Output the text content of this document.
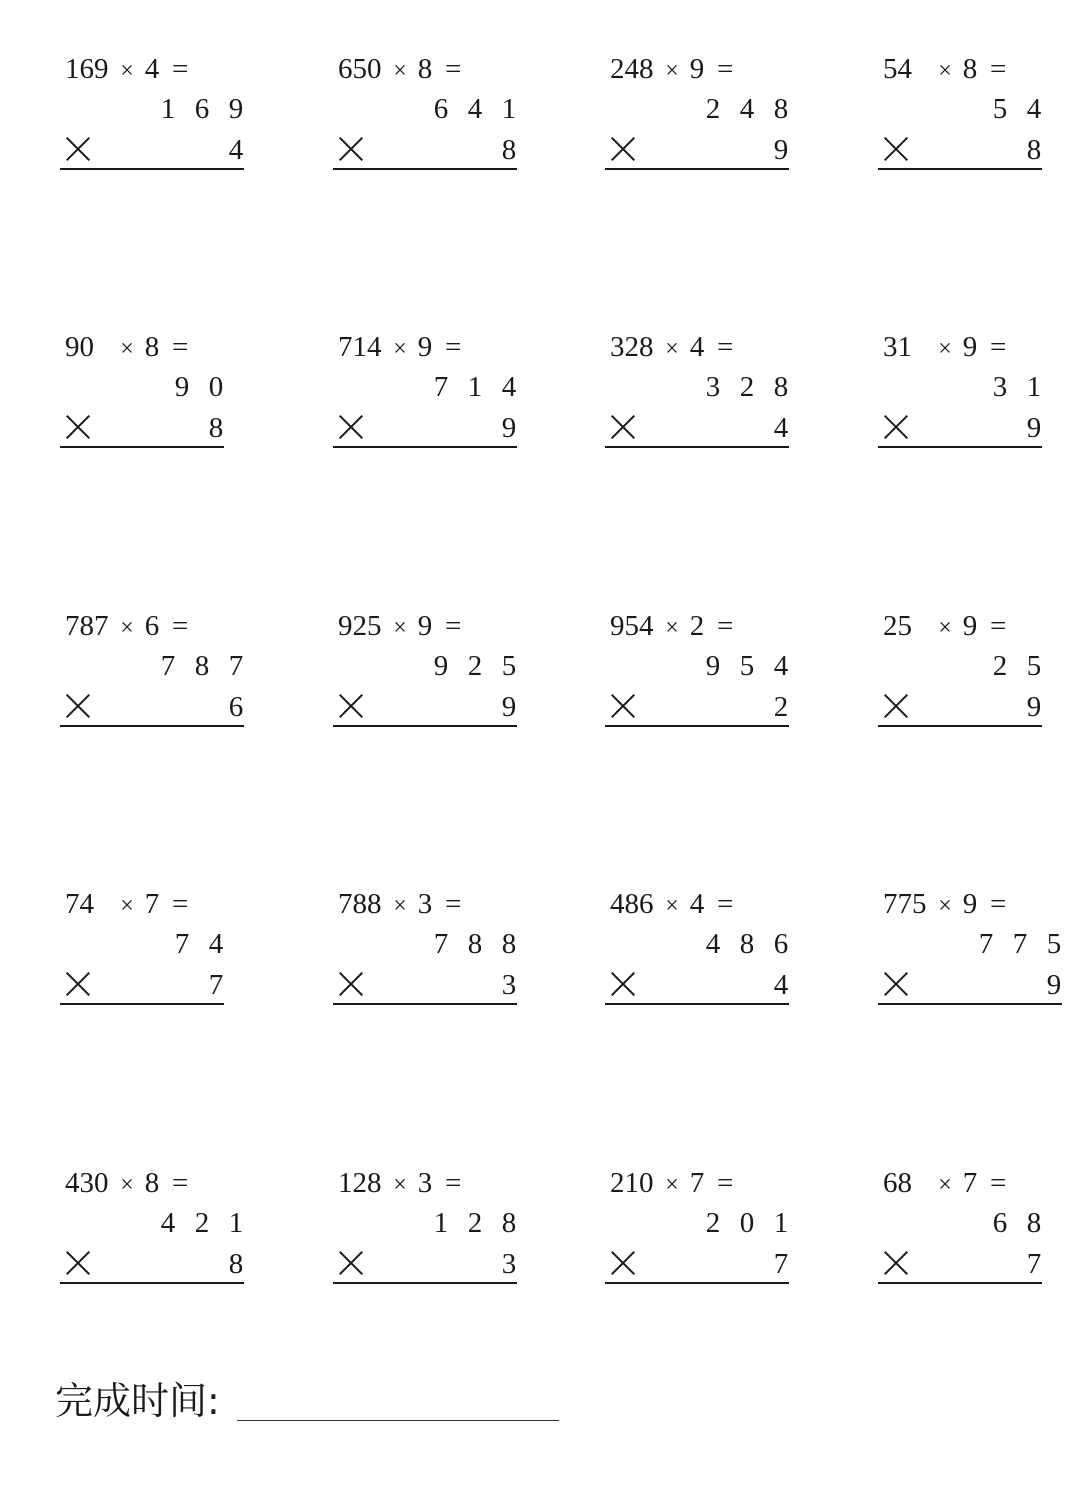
169 × 4 =
1 6 9
4
650 × 8 =
6 4 1
8
248 × 9 =
2 4 8
9
54 × 8 =
5 4
8
90 × 8 =
9 0
8
714 × 9 =
7 1 4
9
328 × 4 =
3 2 8
4
31 × 9 =
3 1
9
787 × 6 =
7 8 7
6
925 × 9 =
9 2 5
9
954 × 2 =
9 5 4
2
25 × 9 =
2 5
9
74 × 7 =
7 4
7
788 × 3 =
7 8 8
3
486 × 4 =
4 8 6
4
775 × 9 =
7 7 5
9
430 × 8 =
4 2 1
8
128 × 3 =
1 2 8
3
210 × 7 =
2 0 1
7
68 × 7 =
6 8
7
完成时间:
